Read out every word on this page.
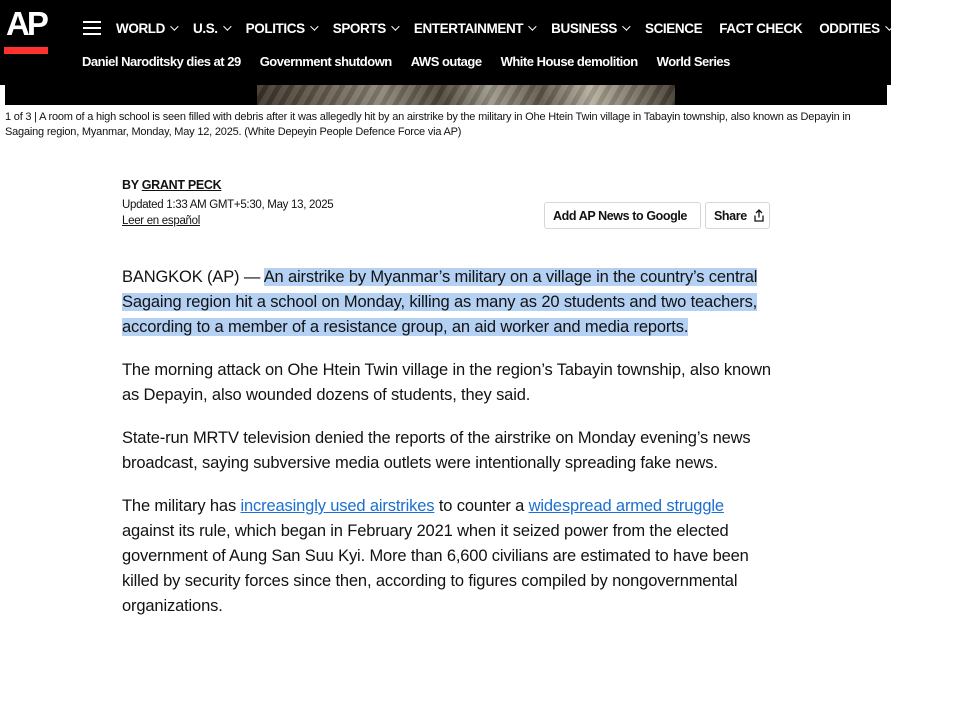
AP	WORLD U.S. POLITICS SPORTS ENTERTAINMENT BUSINESS SCIENCE FACT CHECK ODDITIES MORE
Daniel Naroditsky dies at 29 Government shutdown AWS outage White House demolition World Series

1 of 3 | A room of a high school is seen filled with debris after it was allegedly hit by an airstrike by the military in Ohe Htein Twin village in Tabayin township, also known as Depayin in Sagaing region, Myanmar, Monday, May 12, 2025. (White Depeyin People Defence Force via AP)

BY GRANT PECK
Updated 1:33 AM GMT+5:30, May 13, 2025
Leer en español	Add AP News to Google Share

BANGKOK (AP) — An airstrike by Myanmar’s military on a village in the country’s central Sagaing region hit a school on Monday, killing as many as 20 students and two teachers, according to a member of a resistance group, an aid worker and media reports.

The morning attack on Ohe Htein Twin village in the region’s Tabayin township, also known as Depayin, also wounded dozens of students, they said.

State-run MRTV television denied the reports of the airstrike on Monday evening’s news broadcast, saying subversive media outlets were intentionally spreading fake news.

The military has increasingly used airstrikes to counter a widespread armed struggle against its rule, which began in February 2021 when it seized power from the elected government of Aung San Suu Kyi. More than 6,600 civilians are estimated to have been killed by security forces since then, according to figures compiled by nongovernmental organizations.
